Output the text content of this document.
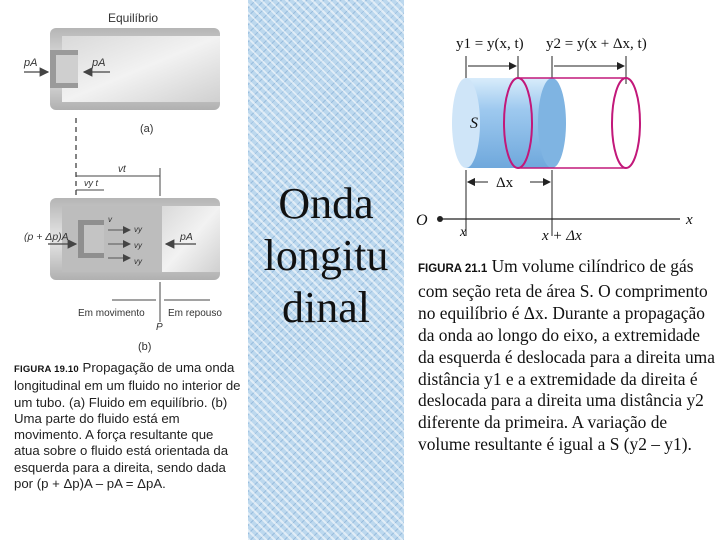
Equilíbrio
pA	pA
(a)
vt
vy t
(p + Δp)A
v
vy
vy
vy
pA
Em movimento Em repouso
P
(b)
FIGURA 19.10 Propagação de uma onda longitudinal em um fluido no interior de um tubo. (a) Fluido em equilíbrio. (b) Uma parte do fluido está em movimento. A força resultante que atua sobre o fluido está orientada da esquerda para a direita, sendo dada por (p + Δp)A – pA = ΔpA.
Onda
longitu
dinal
y1 = y(x, t) y2 = y(x + Δx, t)
S
Δx
O	x
x	x + Δx
FIGURA 21.1 Um volume cilíndrico de gás com seção reta de área S. O comprimento no equilíbrio é Δx. Durante a propagação da onda ao longo do eixo, a extremidade da esquerda é deslocada para a direita uma distância y1 e a extremidade da direita é deslocada para a direita uma distância y2 diferente da primeira. A variação de volume resultante é igual a S (y2 – y1).
